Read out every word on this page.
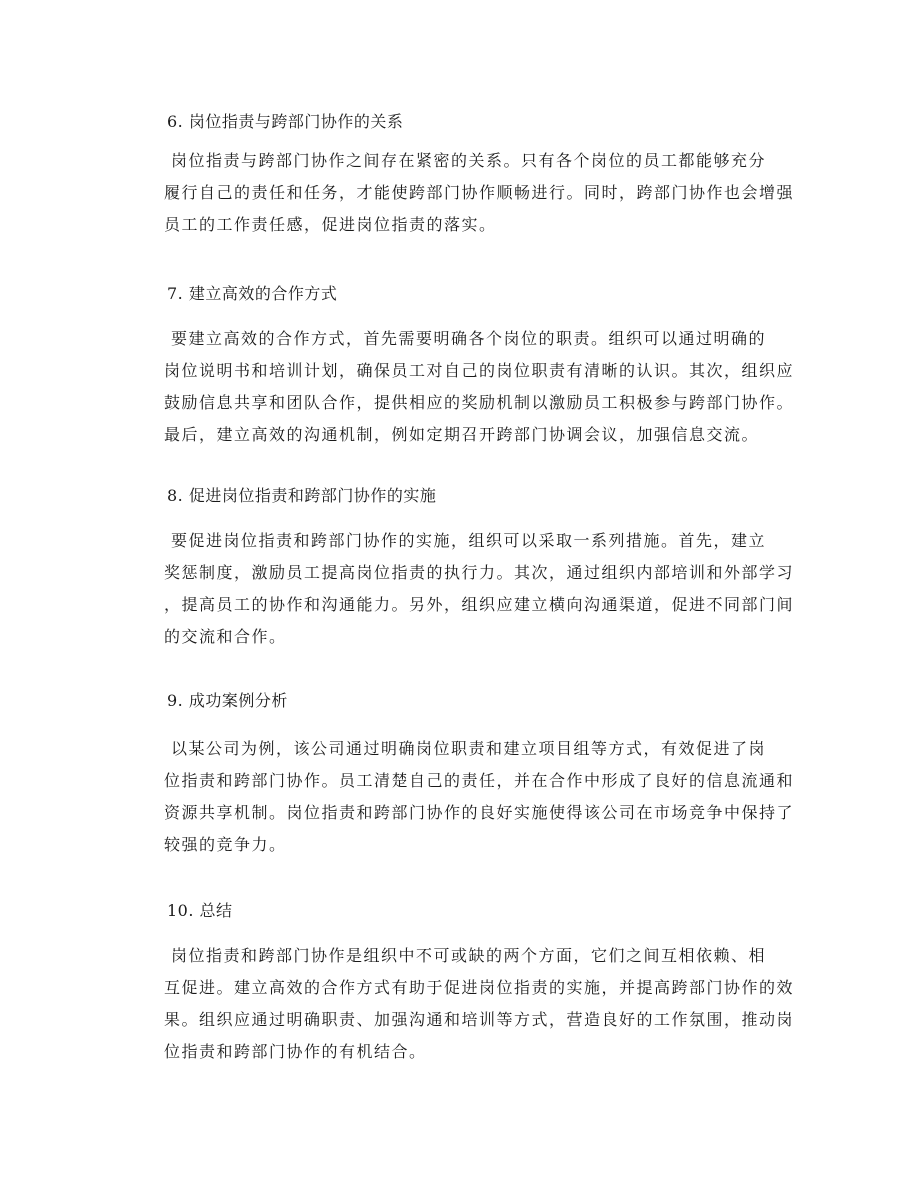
6. 岗位指责与跨部门协作的关系

岗位指责与跨部门协作之间存在紧密的关系。只有各个岗位的员工都能够充分
履行自己的责任和任务，才能使跨部门协作顺畅进行。同时，跨部门协作也会增强
员工的工作责任感，促进岗位指责的落实。

7. 建立高效的合作方式

要建立高效的合作方式，首先需要明确各个岗位的职责。组织可以通过明确的
岗位说明书和培训计划，确保员工对自己的岗位职责有清晰的认识。其次，组织应
鼓励信息共享和团队合作，提供相应的奖励机制以激励员工积极参与跨部门协作。
最后，建立高效的沟通机制，例如定期召开跨部门协调会议，加强信息交流。

8. 促进岗位指责和跨部门协作的实施

要促进岗位指责和跨部门协作的实施，组织可以采取一系列措施。首先，建立
奖惩制度，激励员工提高岗位指责的执行力。其次，通过组织内部培训和外部学习
，提高员工的协作和沟通能力。另外，组织应建立横向沟通渠道，促进不同部门间
的交流和合作。

9. 成功案例分析

以某公司为例，该公司通过明确岗位职责和建立项目组等方式，有效促进了岗
位指责和跨部门协作。员工清楚自己的责任，并在合作中形成了良好的信息流通和
资源共享机制。岗位指责和跨部门协作的良好实施使得该公司在市场竞争中保持了
较强的竞争力。

10. 总结

岗位指责和跨部门协作是组织中不可或缺的两个方面，它们之间互相依赖、相
互促进。建立高效的合作方式有助于促进岗位指责的实施，并提高跨部门协作的效
果。组织应通过明确职责、加强沟通和培训等方式，营造良好的工作氛围，推动岗
位指责和跨部门协作的有机结合。
